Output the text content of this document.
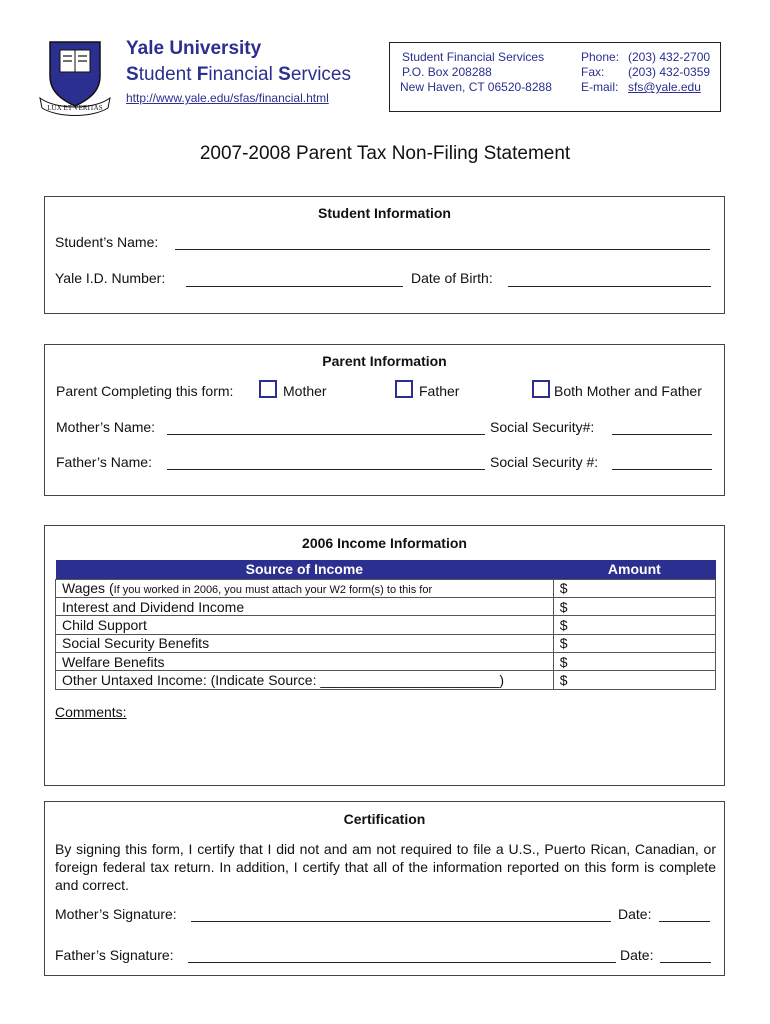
LUX ET VERITAS
Yale University
Student Financial Services
http://www.yale.edu/sfas/financial.html
Student Financial Services
P.O. Box 208288
New Haven, CT 06520-8288
Phone: (203) 432-2700
Fax: (203) 432-0359
E-mail: sfs@yale.edu
2007-2008 Parent Tax Non-Filing Statement
Student Information
Student’s Name:
Yale I.D. Number:	Date of Birth:
Parent Information
Parent Completing this form:	Mother	Father	Both Mother and Father
Mother’s Name:	Social Security#:
Father’s Name:	Social Security #:
2006 Income Information
Source of Income	Amount
Wages (If you worked in 2006, you must attach your W2 form(s) to this for	$
Interest and Dividend Income	$
Child Support	$
Social Security Benefits	$
Welfare Benefits	$
Other Untaxed Income: (Indicate Source: _______________________)	$
Comments:
Certification
By signing this form, I certify that I did not and am not required to file a U.S., Puerto Rican, Canadian, or foreign federal tax return. In addition, I certify that all of the information reported on this form is complete and correct.
Mother’s Signature:	Date:
Father’s Signature:	Date:
